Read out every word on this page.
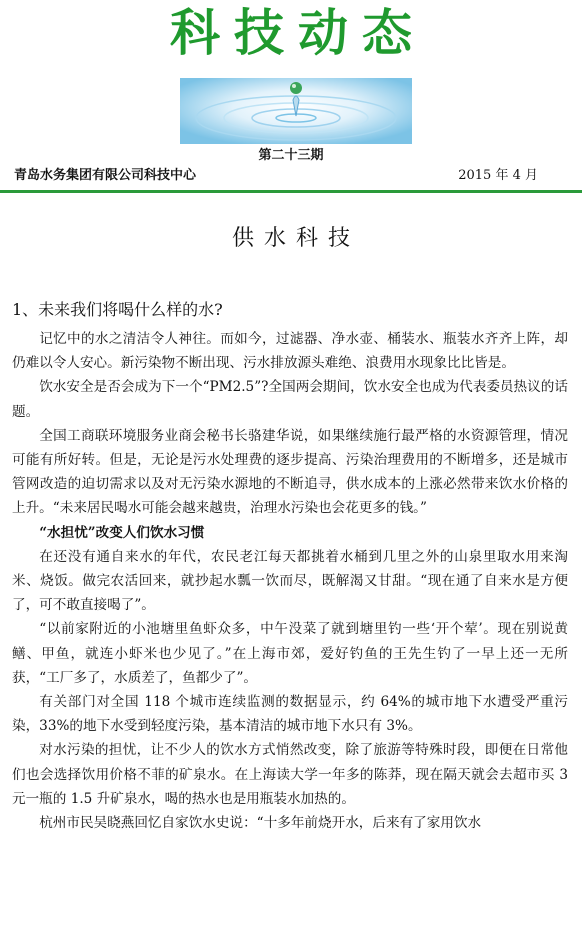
科技动态
第二十三期
青岛水务集团有限公司科技中心	2015 年 4 月
供水科技
1、未来我们将喝什么样的水?

记忆中的水之清洁令人神往。而如今，过滤器、净水壶、桶装水、瓶装水齐齐上阵，却仍难以令人安心。新污染物不断出现、污水排放源头难绝、浪费用水现象比比皆是。

饮水安全是否会成为下一个“PM2.5”?全国两会期间，饮水安全也成为代表委员热议的话题。

全国工商联环境服务业商会秘书长骆建华说，如果继续施行最严格的水资源管理，情况可能有所好转。但是，无论是污水处理费的逐步提高、污染治理费用的不断增多，还是城市管网改造的迫切需求以及对无污染水源地的不断追寻，供水成本的上涨必然带来饮水价格的上升。“未来居民喝水可能会越来越贵，治理水污染也会花更多的钱。”

“水担忧”改变人们饮水习惯

在还没有通自来水的年代，农民老江每天都挑着水桶到几里之外的山泉里取水用来淘米、烧饭。做完农活回来，就抄起水瓢一饮而尽，既解渴又甘甜。“现在通了自来水是方便了，可不敢直接喝了”。

“以前家附近的小池塘里鱼虾众多，中午没菜了就到塘里钓一些‘开个荤’。现在别说黄鳝、甲鱼，就连小虾米也少见了。”在上海市郊，爱好钓鱼的王先生钓了一早上还一无所获，“工厂多了，水质差了，鱼都少了”。

有关部门对全国 118 个城市连续监测的数据显示，约 64%的城市地下水遭受严重污染，33%的地下水受到轻度污染，基本清洁的城市地下水只有 3%。

对水污染的担忧，让不少人的饮水方式悄然改变，除了旅游等特殊时段，即便在日常他们也会选择饮用价格不菲的矿泉水。在上海读大学一年多的陈莽，现在隔天就会去超市买 3 元一瓶的 1.5 升矿泉水，喝的热水也是用瓶装水加热的。

杭州市民吴晓燕回忆自家饮水史说：“十多年前烧开水，后来有了家用饮水
